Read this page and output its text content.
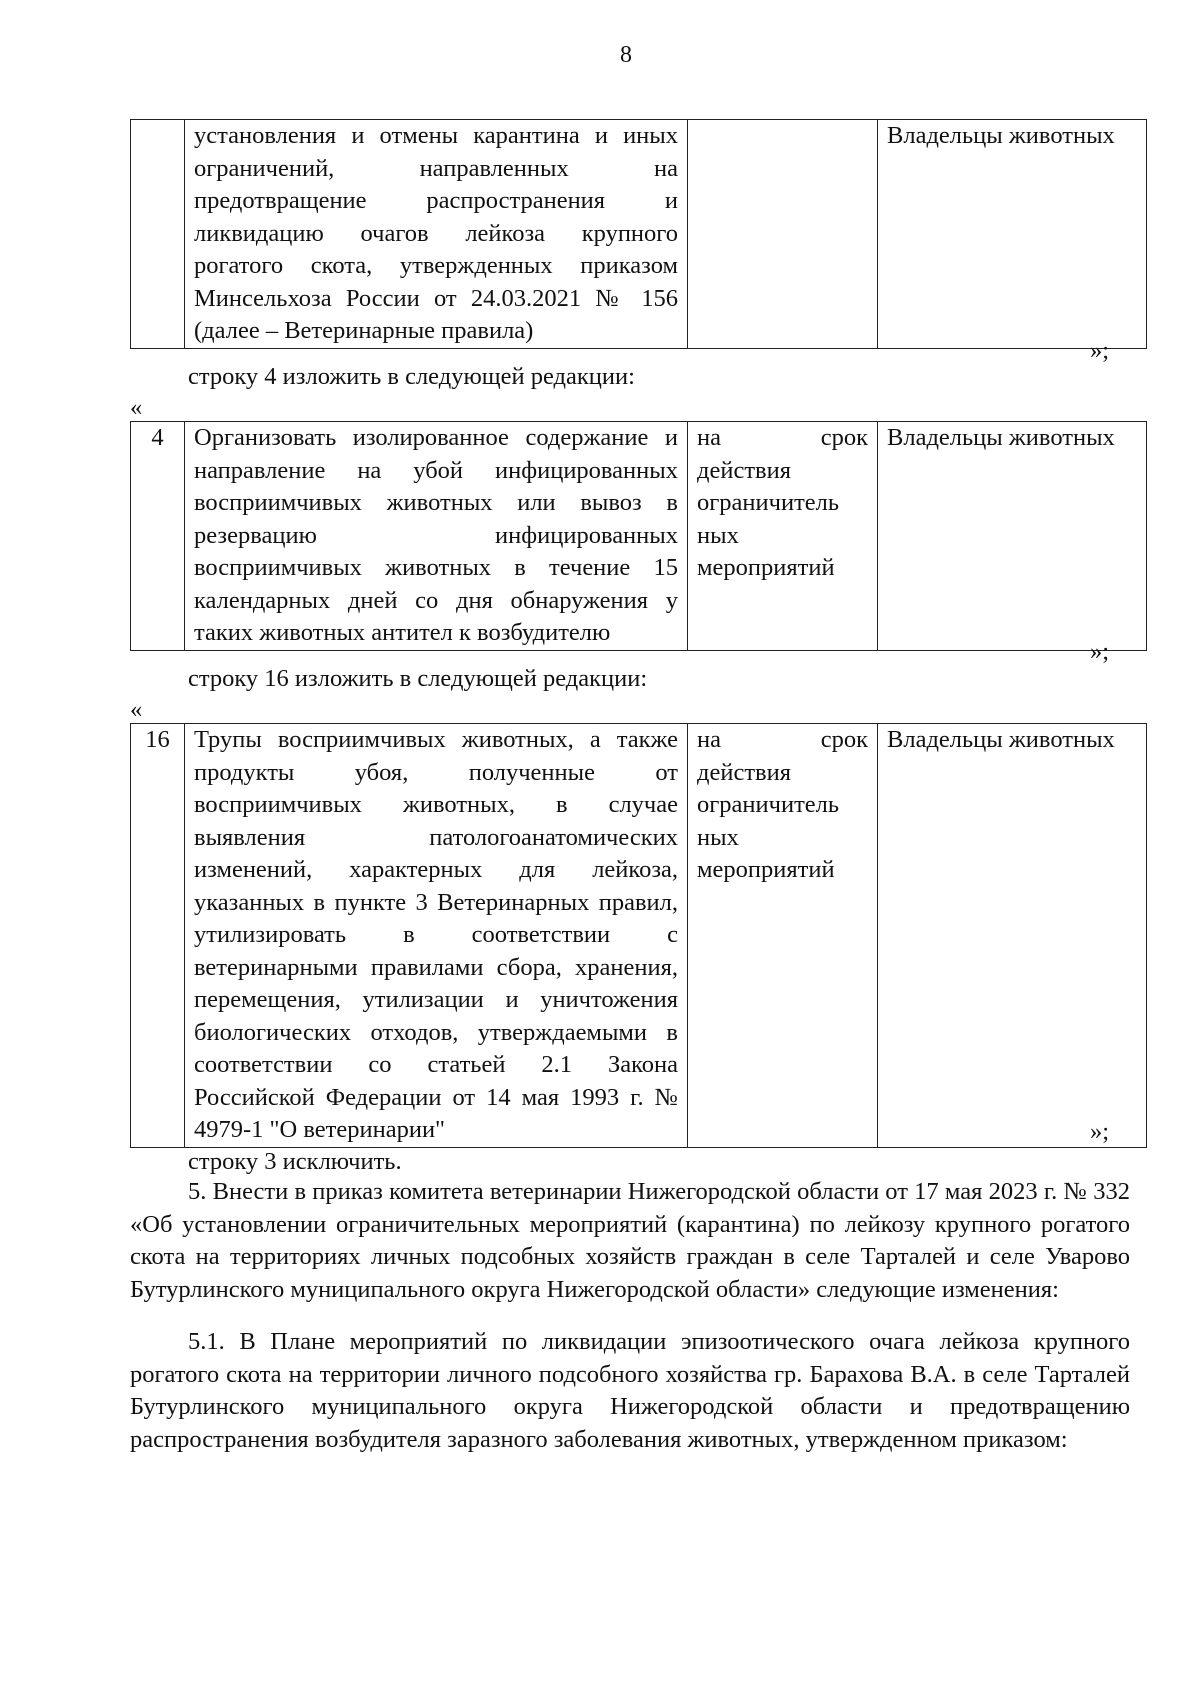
8
	установления и отмены карантина и иных ограничений, направленных на предотвращение распространения и ликвидацию очагов лейкоза крупного рогатого скота, утвержденных приказом Минсельхоза России от 24.03.2021 № 156 (далее – Ветеринарные правила)		Владельцы животных
»;
строку 4 изложить в следующей редакции:
«
4	Организовать изолированное содержание и направление на убой инфицированных восприимчивых животных или вывоз в резервацию инфицированных восприимчивых животных в течение 15 календарных дней со дня обнаружения у таких животных антител к возбудителю	на срок действия ограничитель ных мероприятий	Владельцы животных
»;
строку 16 изложить в следующей редакции:
«
16	Трупы восприимчивых животных, а также продукты убоя, полученные от восприимчивых животных, в случае выявления патологоанатомических изменений, характерных для лейкоза, указанных в пункте 3 Ветеринарных правил, утилизировать в соответствии с ветеринарными правилами сбора, хранения, перемещения, утилизации и уничтожения биологических отходов, утверждаемыми в соответствии со статьей 2.1 Закона Российской Федерации от 14 мая 1993 г. № 4979-1 "О ветеринарии"	на срок действия ограничитель ных мероприятий	Владельцы животных
»;
строку 3 исключить.
5. Внести в приказ комитета ветеринарии Нижегородской области от 17 мая 2023 г. № 332 «Об установлении ограничительных мероприятий (карантина) по лейкозу крупного рогатого скота на территориях личных подсобных хозяйств граждан в селе Тарталей и селе Уварово Бутурлинского муниципального округа Нижегородской области» следующие изменения:
5.1. В Плане мероприятий по ликвидации эпизоотического очага лейкоза крупного рогатого скота на территории личного подсобного хозяйства гр. Барахова В.А. в селе Тарталей Бутурлинского муниципального округа Нижегородской области и предотвращению распространения возбудителя заразного заболевания животных, утвержденном приказом:
